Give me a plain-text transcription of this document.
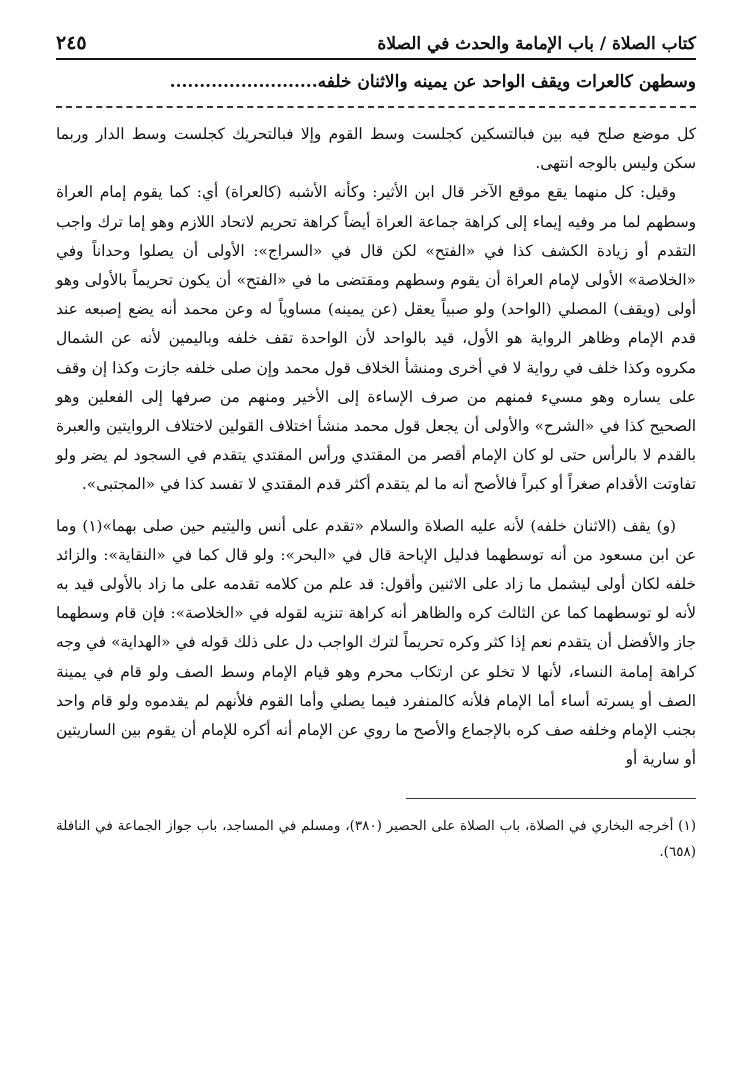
كتاب الصلاة / باب الإمامة والحدث في الصلاة
٢٤٥
وسطهن كالعرات ويقف الواحد عن يمينه والاثنان خلفه.........................

كل موضع صلح فيه بين فبالتسكين كجلست وسط القوم وإلا فبالتحريك كجلست وسط الدار وربما سكن وليس بالوجه انتهى.

وقيل: كل منهما يقع موقع الآخر قال ابن الأثير: وكأنه الأشبه (كالعراة) أي: كما يقوم إمام العراة وسطهم لما مر وفيه إيماء إلى كراهة جماعة العراة أيضاً كراهة تحريم لاتحاد اللازم وهو إما ترك واجب التقدم أو زيادة الكشف كذا في «الفتح» لكن قال في «السراج»: الأولى أن يصلوا وحداناً وفي «الخلاصة» الأولى لإمام العراة أن يقوم وسطهم ومقتضى ما في «الفتح» أن يكون تحريماً بالأولى وهو أولى (ويقف) المصلي (الواحد) ولو صبياً يعقل (عن يمينه) مساوياً له وعن محمد أنه يضع إصبعه عند قدم الإمام وظاهر الرواية هو الأول، قيد بالواحد لأن الواحدة تقف خلفه وباليمين لأنه عن الشمال مكروه وكذا خلف في رواية لا في أخرى ومنشأ الخلاف قول محمد وإن صلى خلفه جازت وكذا إن وقف على يساره وهو مسيء فمنهم من صرف الإساءة إلى الأخير ومنهم من صرفها إلى الفعلين وهو الصحيح كذا في «الشرح» والأولى أن يجعل قول محمد منشأ اختلاف القولين لاختلاف الروايتين والعبرة بالقدم لا بالرأس حتى لو كان الإمام أقصر من المقتدي ورأس المقتدي يتقدم في السجود لم يضر ولو تفاوتت الأقدام صغراً أو كبراً فالأصح أنه ما لم يتقدم أكثر قدم المقتدي لا تفسد كذا في «المجتبى».

(و) يقف (الاثنان خلفه) لأنه عليه الصلاة والسلام «تقدم على أنس واليتيم حين صلى بهما»(١) وما عن ابن مسعود من أنه توسطهما فدليل الإباحة قال في «البحر»: ولو قال كما في «النقاية»: والزائد خلفه لكان أولى ليشمل ما زاد على الاثنين وأقول: قد علم من كلامه تقدمه على ما زاد بالأولى قيد به لأنه لو توسطهما كما عن الثالث كره والظاهر أنه كراهة تنزيه لقوله في «الخلاصة»: فإن قام وسطهما جاز والأفضل أن يتقدم نعم إذا كثر وكره تحريماً لترك الواجب دل على ذلك قوله في «الهداية» في وجه كراهة إمامة النساء، لأنها لا تخلو عن ارتكاب محرم وهو قيام الإمام وسط الصف ولو قام في يمينة الصف أو يسرته أساء أما الإمام فلأنه كالمنفرد فيما يصلي وأما القوم فلأنهم لم يقدموه ولو قام واحد بجنب الإمام وخلفه صف كره بالإجماع والأصح ما روي عن الإمام أنه أكره للإمام أن يقوم بين الساريتين أو سارية أو

(١) أخرجه البخاري في الصلاة، باب الصلاة على الحصير (٣٨٠)، ومسلم في المساجد، باب جواز الجماعة في النافلة (٦٥٨).
